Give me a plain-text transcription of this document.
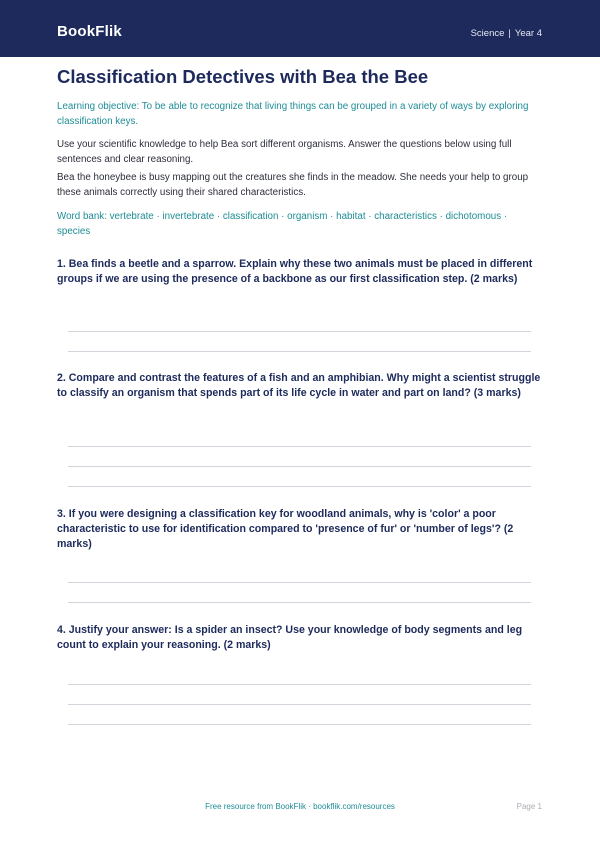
BookFlik	Science | Year 4
Classification Detectives with Bea the Bee

Learning objective: To be able to recognize that living things can be grouped in a variety of ways by exploring classification keys.

Use your scientific knowledge to help Bea sort different organisms. Answer the questions below using full sentences and clear reasoning.

Bea the honeybee is busy mapping out the creatures she finds in the meadow. She needs your help to group these animals correctly using their shared characteristics.

Word bank: vertebrate · invertebrate · classification · organism · habitat · characteristics · dichotomous · species

1. Bea finds a beetle and a sparrow. Explain why these two animals must be placed in different groups if we are using the presence of a backbone as our first classification step. (2 marks)

2. Compare and contrast the features of a fish and an amphibian. Why might a scientist struggle to classify an organism that spends part of its life cycle in water and part on land? (3 marks)

3. If you were designing a classification key for woodland animals, why is 'color' a poor characteristic to use for identification compared to 'presence of fur' or 'number of legs'? (2 marks)

4. Justify your answer: Is a spider an insect? Use your knowledge of body segments and leg count to explain your reasoning. (2 marks)

Free resource from BookFlik · bookflik.com/resources	Page 1
